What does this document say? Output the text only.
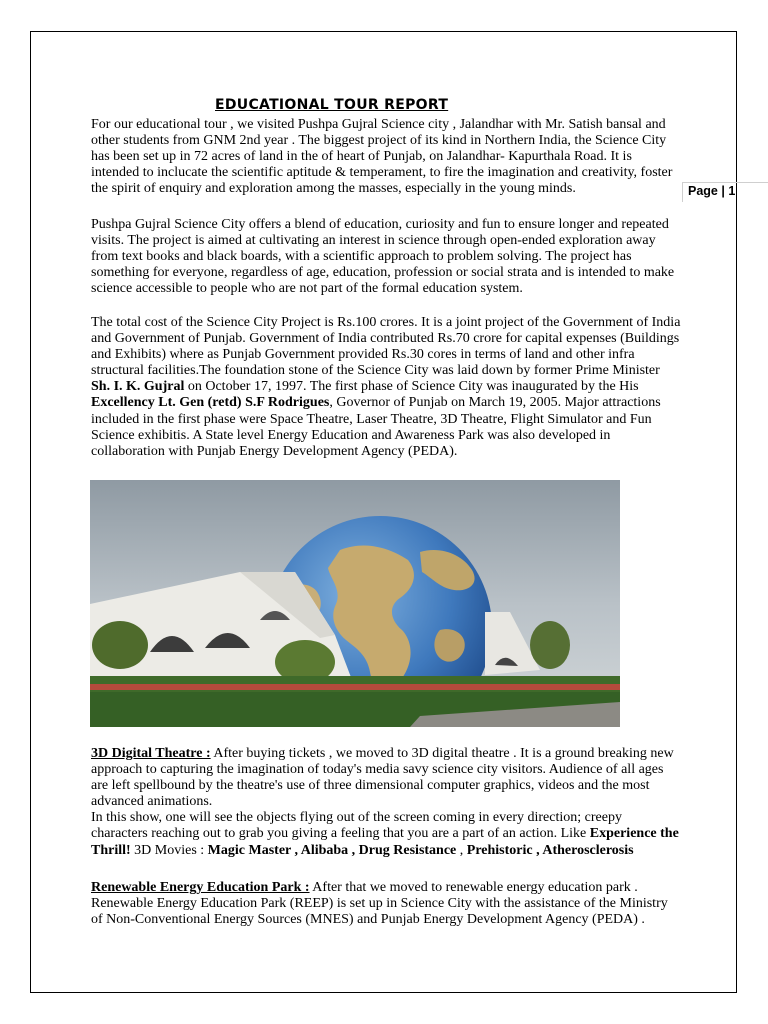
Page | 1
EDUCATIONAL TOUR REPORT
For our educational tour , we visited Pushpa Gujral Science city , Jalandhar with Mr. Satish bansal and other students from GNM 2nd year . The biggest project of its kind in Northern India, the Science City has been set up in 72 acres of land in the of heart of Punjab, on Jalandhar- Kapurthala Road. It is intended to inclucate the scientific aptitude & temperament, to fire the imagination and creativity, foster the spirit of enquiry and exploration among the masses, especially in the young minds.
Pushpa Gujral Science City offers a blend of education, curiosity and fun to ensure longer and repeated visits. The project is aimed at cultivating an interest in science through open-ended exploration away from text books and black boards, with a scientific approach to problem solving. The project has something for everyone, regardless of age, education, profession or social strata and is intended to make science accessible to people who are not part of the formal education system.
The total cost of the Science City Project is Rs.100 crores. It is a joint project of the Government of India and Government of Punjab. Government of India contributed Rs.70 crore for capital expenses (Buildings and Exhibits) where as Punjab Government provided Rs.30 cores in terms of land and other infra structural facilities.The foundation stone of the Science City was laid down by former Prime Minister Sh. I. K. Gujral on October 17, 1997. The first phase of Science City was inaugurated by the His Excellency Lt. Gen (retd) S.F Rodrigues, Governor of Punjab on March 19, 2005. Major attractions included in the first phase were Space Theatre, Laser Theatre, 3D Theatre, Flight Simulator and Fun Science exhibitis. A State level Energy Education and Awareness Park was also developed in collaboration with Punjab Energy Development Agency (PEDA).
3D Digital Theatre : After buying tickets , we moved to 3D digital theatre . It is a ground breaking new approach to capturing the imagination of today's media savy science city visitors. Audience of all ages are left spellbound by the theatre's use of three dimensional computer graphics, videos and the most advanced animations.
In this show, one will see the objects flying out of the screen coming in every direction; creepy characters reaching out to grab you giving a feeling that you are a part of an action. Like Experience the Thrill! 3D Movies : Magic Master , Alibaba , Drug Resistance , Prehistoric , Atherosclerosis
Renewable Energy Education Park : After that we moved to renewable energy education park .
Renewable Energy Education Park (REEP) is set up in Science City with the assistance of the Ministry of Non-Conventional Energy Sources (MNES) and Punjab Energy Development Agency (PEDA) .
